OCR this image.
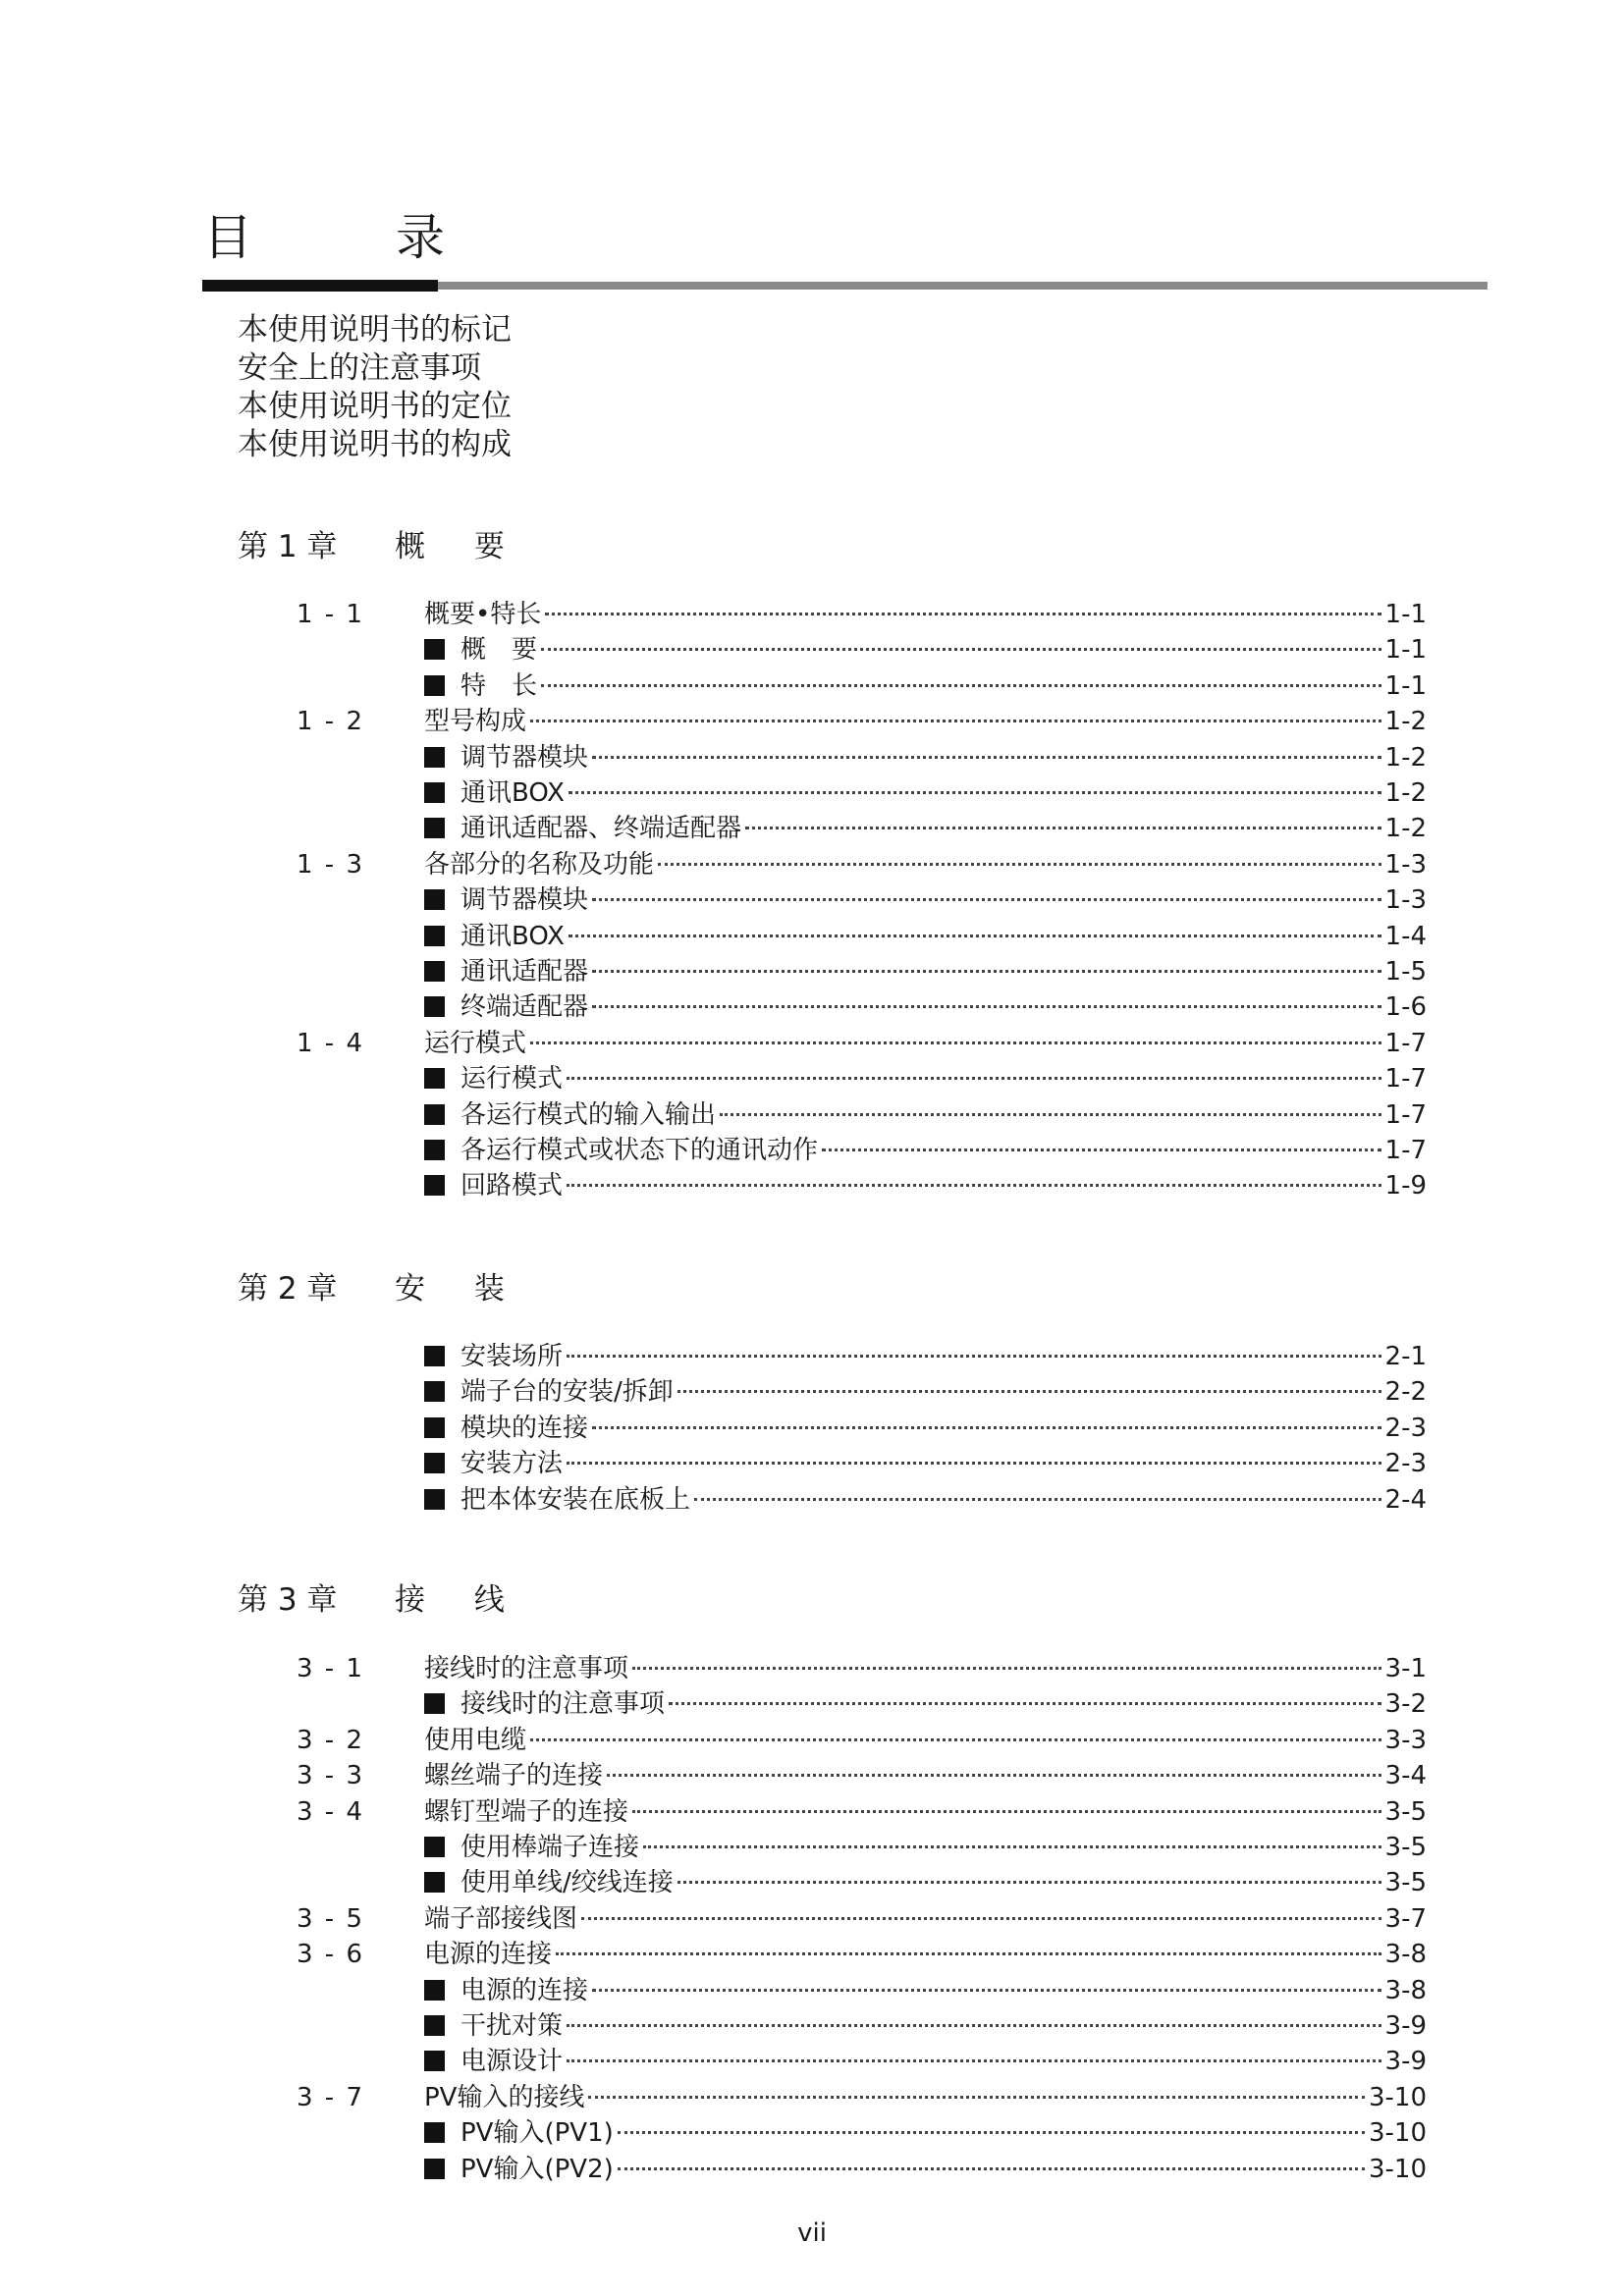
目　录
本使用说明书的标记
安全上的注意事项
本使用说明书的定位
本使用说明书的构成
第 1 章 概 要
1 - 1	概要•特长	1-1
概　要	1-1
特　长	1-1
1 - 2	型号构成	1-2
调节器模块	1-2
通讯BOX	1-2
通讯适配器、终端适配器	1-2
1 - 3	各部分的名称及功能	1-3
调节器模块	1-3
通讯BOX	1-4
通讯适配器	1-5
终端适配器	1-6
1 - 4	运行模式	1-7
运行模式	1-7
各运行模式的输入输出	1-7
各运行模式或状态下的通讯动作	1-7
回路模式	1-9
第 2 章 安 装
安装场所	2-1
端子台的安装/拆卸	2-2
模块的连接	2-3
安装方法	2-3
把本体安装在底板上	2-4
第 3 章 接 线
3 - 1	接线时的注意事项	3-1
接线时的注意事项	3-2
3 - 2	使用电缆	3-3
3 - 3	螺丝端子的连接	3-4
3 - 4	螺钉型端子的连接	3-5
使用棒端子连接	3-5
使用单线/绞线连接	3-5
3 - 5	端子部接线图	3-7
3 - 6	电源的连接	3-8
电源的连接	3-8
干扰对策	3-9
电源设计	3-9
3 - 7	PV输入的接线	3-10
PV输入(PV1)	3-10
PV输入(PV2)	3-10
vii
